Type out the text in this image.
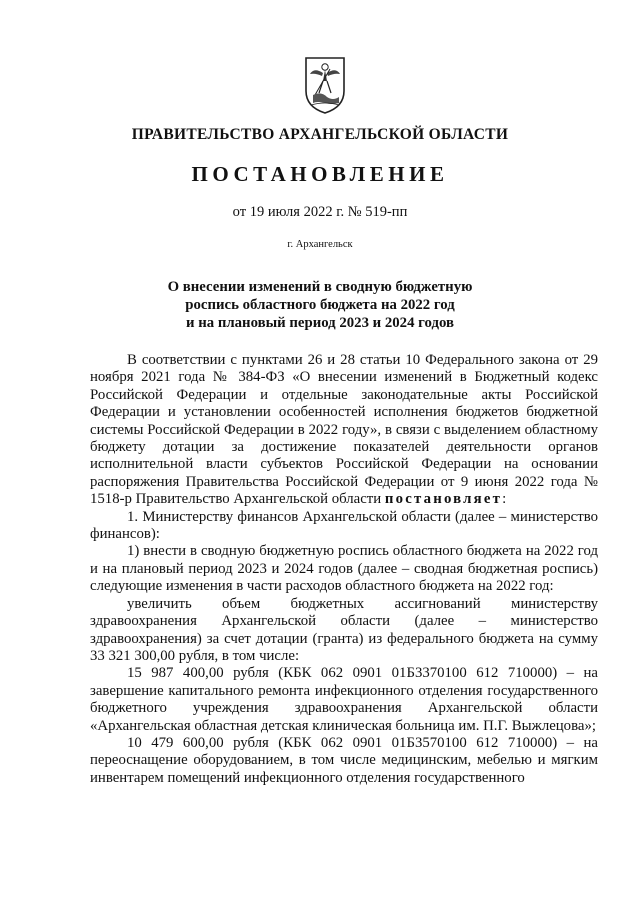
ПРАВИТЕЛЬСТВО АРХАНГЕЛЬСКОЙ ОБЛАСТИ
ПОСТАНОВЛЕНИЕ
от 19 июля 2022 г. № 519-пп
г. Архангельск
О внесении изменений в сводную бюджетную
роспись областного бюджета на 2022 год
и на плановый период 2023 и 2024 годов

В соответствии с пунктами 26 и 28 статьи 10 Федерального закона от 29 ноября 2021 года № 384-ФЗ «О внесении изменений в Бюджетный кодекс Российской Федерации и отдельные законодательные акты Российской Федерации и установлении особенностей исполнения бюджетов бюджетной системы Российской Федерации в 2022 году», в связи с выделением областному бюджету дотации за достижение показателей деятельности органов исполнительной власти субъектов Российской Федерации на основании распоряжения Правительства Российской Федерации от 9 июня 2022 года № 1518-р Правительство Архангельской области постановляет:

1. Министерству финансов Архангельской области (далее – министерство финансов):

1) внести в сводную бюджетную роспись областного бюджета на 2022 год и на плановый период 2023 и 2024 годов (далее – сводная бюджетная роспись) следующие изменения в части расходов областного бюджета на 2022 год:

увеличить объем бюджетных ассигнований министерству здравоохранения Архангельской области (далее – министерство здравоохранения) за счет дотации (гранта) из федерального бюджета на сумму 33 321 300,00 рубля, в том числе:

15 987 400,00 рубля (КБК 062 0901 01Б3370100 612 710000) – на завершение капитального ремонта инфекционного отделения государственного бюджетного учреждения здравоохранения Архангельской области «Архангельская областная детская клиническая больница им. П.Г. Выжлецова»;

10 479 600,00 рубля (КБК 062 0901 01Б3570100 612 710000) – на переоснащение оборудованием, в том числе медицинским, мебелью и мягким инвентарем помещений инфекционного отделения государственного
